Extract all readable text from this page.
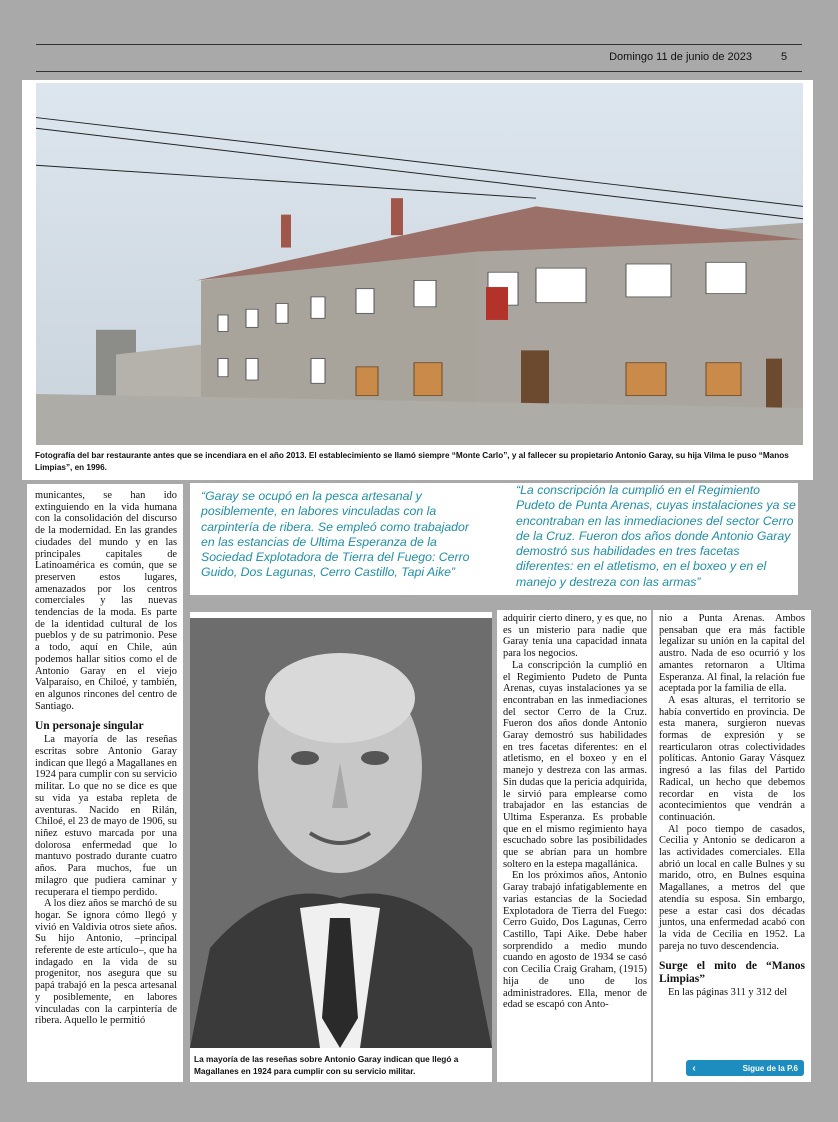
Domingo 11 de junio de 2023	5
Fotografía del bar restaurante antes que se incendiara en el año 2013. El establecimiento se llamó siempre “Monte Carlo”, y al fallecer su propietario Antonio Garay, su hija Vilma le puso “Manos Limpias”, en 1996.

municantes, se han ido extinguiendo en la vida humana con la consolidación del discurso de la modernidad. En las grandes ciudades del mundo y en las principales capitales de Latinoamérica es común, que se preserven estos lugares, amenazados por los centros comerciales y las nuevas tendencias de la moda. Es parte de la identidad cultural de los pueblos y de su patrimonio. Pese a todo, aquí en Chile, aún podemos hallar sitios como el de Antonio Garay en el viejo Valparaíso, en Chiloé, y también, en algunos rincones del centro de Santiago.

Un personaje singular

La mayoría de las reseñas escritas sobre Antonio Garay indican que llegó a Magallanes en 1924 para cumplir con su servicio militar. Lo que no se dice es que su vida ya estaba repleta de aventuras. Nacido en Rilán, Chiloé, el 23 de mayo de 1906, su niñez estuvo marcada por una dolorosa enfermedad que lo mantuvo postrado durante cuatro años. Para muchos, fue un milagro que pudiera caminar y recuperara el tiempo perdido.

A los diez años se marchó de su hogar. Se ignora cómo llegó y vivió en Valdivia otros siete años. Su hijo Antonio, –principal referente de este artículo–, que ha indagado en la vida de su progenitor, nos asegura que su papá trabajó en la pesca artesanal y posiblemente, en labores vinculadas con la carpintería de ribera. Aquello le permitió

“Garay se ocupó en la pesca artesanal y posiblemente, en labores vinculadas con la carpintería de ribera. Se empleó como trabajador en las estancias de Ultima Esperanza de la Sociedad Explotadora de Tierra del Fuego: Cerro Guido, Dos Lagunas, Cerro Castillo, Tapi Aike”
“La conscripción la cumplió en el Regimiento Pudeto de Punta Arenas, cuyas instalaciones ya se encontraban en las inmediaciones del sector Cerro de la Cruz. Fueron dos años donde Antonio Garay demostró sus habilidades en tres facetas diferentes: en el atletismo, en el boxeo y en el manejo y destreza con las armas”
La mayoría de las reseñas sobre Antonio Garay indican que llegó a Magallanes en 1924 para cumplir con su servicio militar.

adquirir cierto dinero, y es que, no es un misterio para nadie que Garay tenía una capacidad innata para los negocios.

La conscripción la cumplió en el Regimiento Pudeto de Punta Arenas, cuyas instalaciones ya se encontraban en las inmediaciones del sector Cerro de la Cruz. Fueron dos años donde Antonio Garay demostró sus habilidades en tres facetas diferentes: en el atletismo, en el boxeo y en el manejo y destreza con las armas. Sin dudas que la pericia adquirida, le sirvió para emplearse como trabajador en las estancias de Ultima Esperanza. Es probable que en el mismo regimiento haya escuchado sobre las posibilidades que se abrían para un hombre soltero en la estepa magallánica.

En los próximos años, Antonio Garay trabajó infatigablemente en varias estancias de la Sociedad Explotadora de Tierra del Fuego: Cerro Guido, Dos Lagunas, Cerro Castillo, Tapi Aike. Debe haber sorprendido a medio mundo cuando en agosto de 1934 se casó con Cecilia Craig Graham, (1915) hija de uno de los administradores. Ella, menor de edad se escapó con Anto-

nio a Punta Arenas. Ambos pensaban que era más factible legalizar su unión en la capital del austro. Nada de eso ocurrió y los amantes retornaron a Ultima Esperanza. Al final, la relación fue aceptada por la familia de ella.

A esas alturas, el territorio se había convertido en provincia. De esta manera, surgieron nuevas formas de expresión y se rearticularon otras colectividades políticas. Antonio Garay Vásquez ingresó a las filas del Partido Radical, un hecho que debemos recordar en vista de los acontecimientos que vendrán a continuación.

Al poco tiempo de casados, Cecilia y Antonio se dedicaron a las actividades comerciales. Ella abrió un local en calle Bulnes y su marido, otro, en Bulnes esquina Magallanes, a metros del que atendía su esposa. Sin embargo, pese a estar casi dos décadas juntos, una enfermedad acabó con la vida de Cecilia en 1952. La pareja no tuvo descendencia.

Surge el mito de “Manos Limpias”

En las páginas 311 y 312 del

‹	Sigue de la P.6
